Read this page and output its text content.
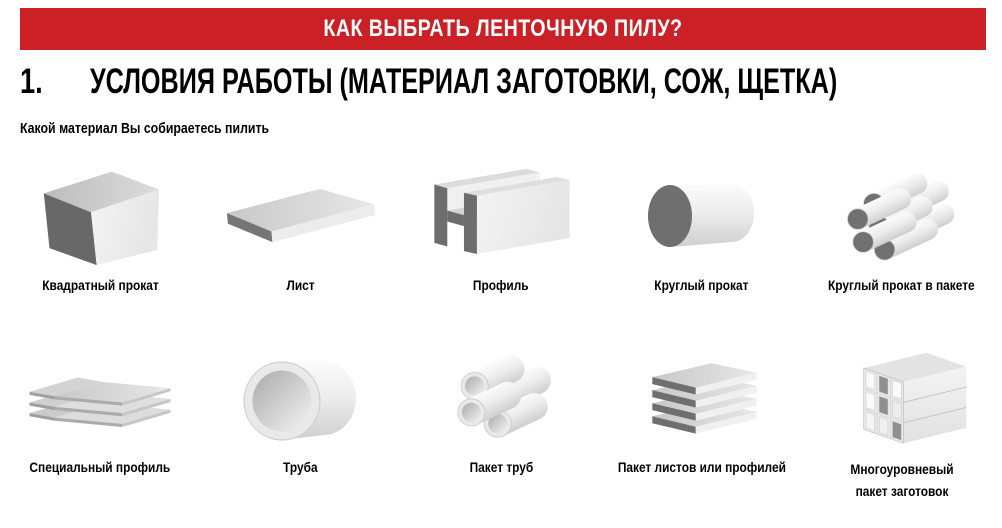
КАК ВЫБРАТЬ ЛЕНТОЧНУЮ ПИЛУ?
1. УСЛОВИЯ РАБОТЫ (МАТЕРИАЛ ЗАГОТОВКИ, СОЖ, ЩЕТКА)
Какой материал Вы собираетесь пилить
Квадратный прокат	Лист	Профиль	Круглый прокат	Круглый прокат в пакете
Специальный профиль	Труба	Пакет труб	Пакет листов или профилей	Многоуровневый пакет заготовок
